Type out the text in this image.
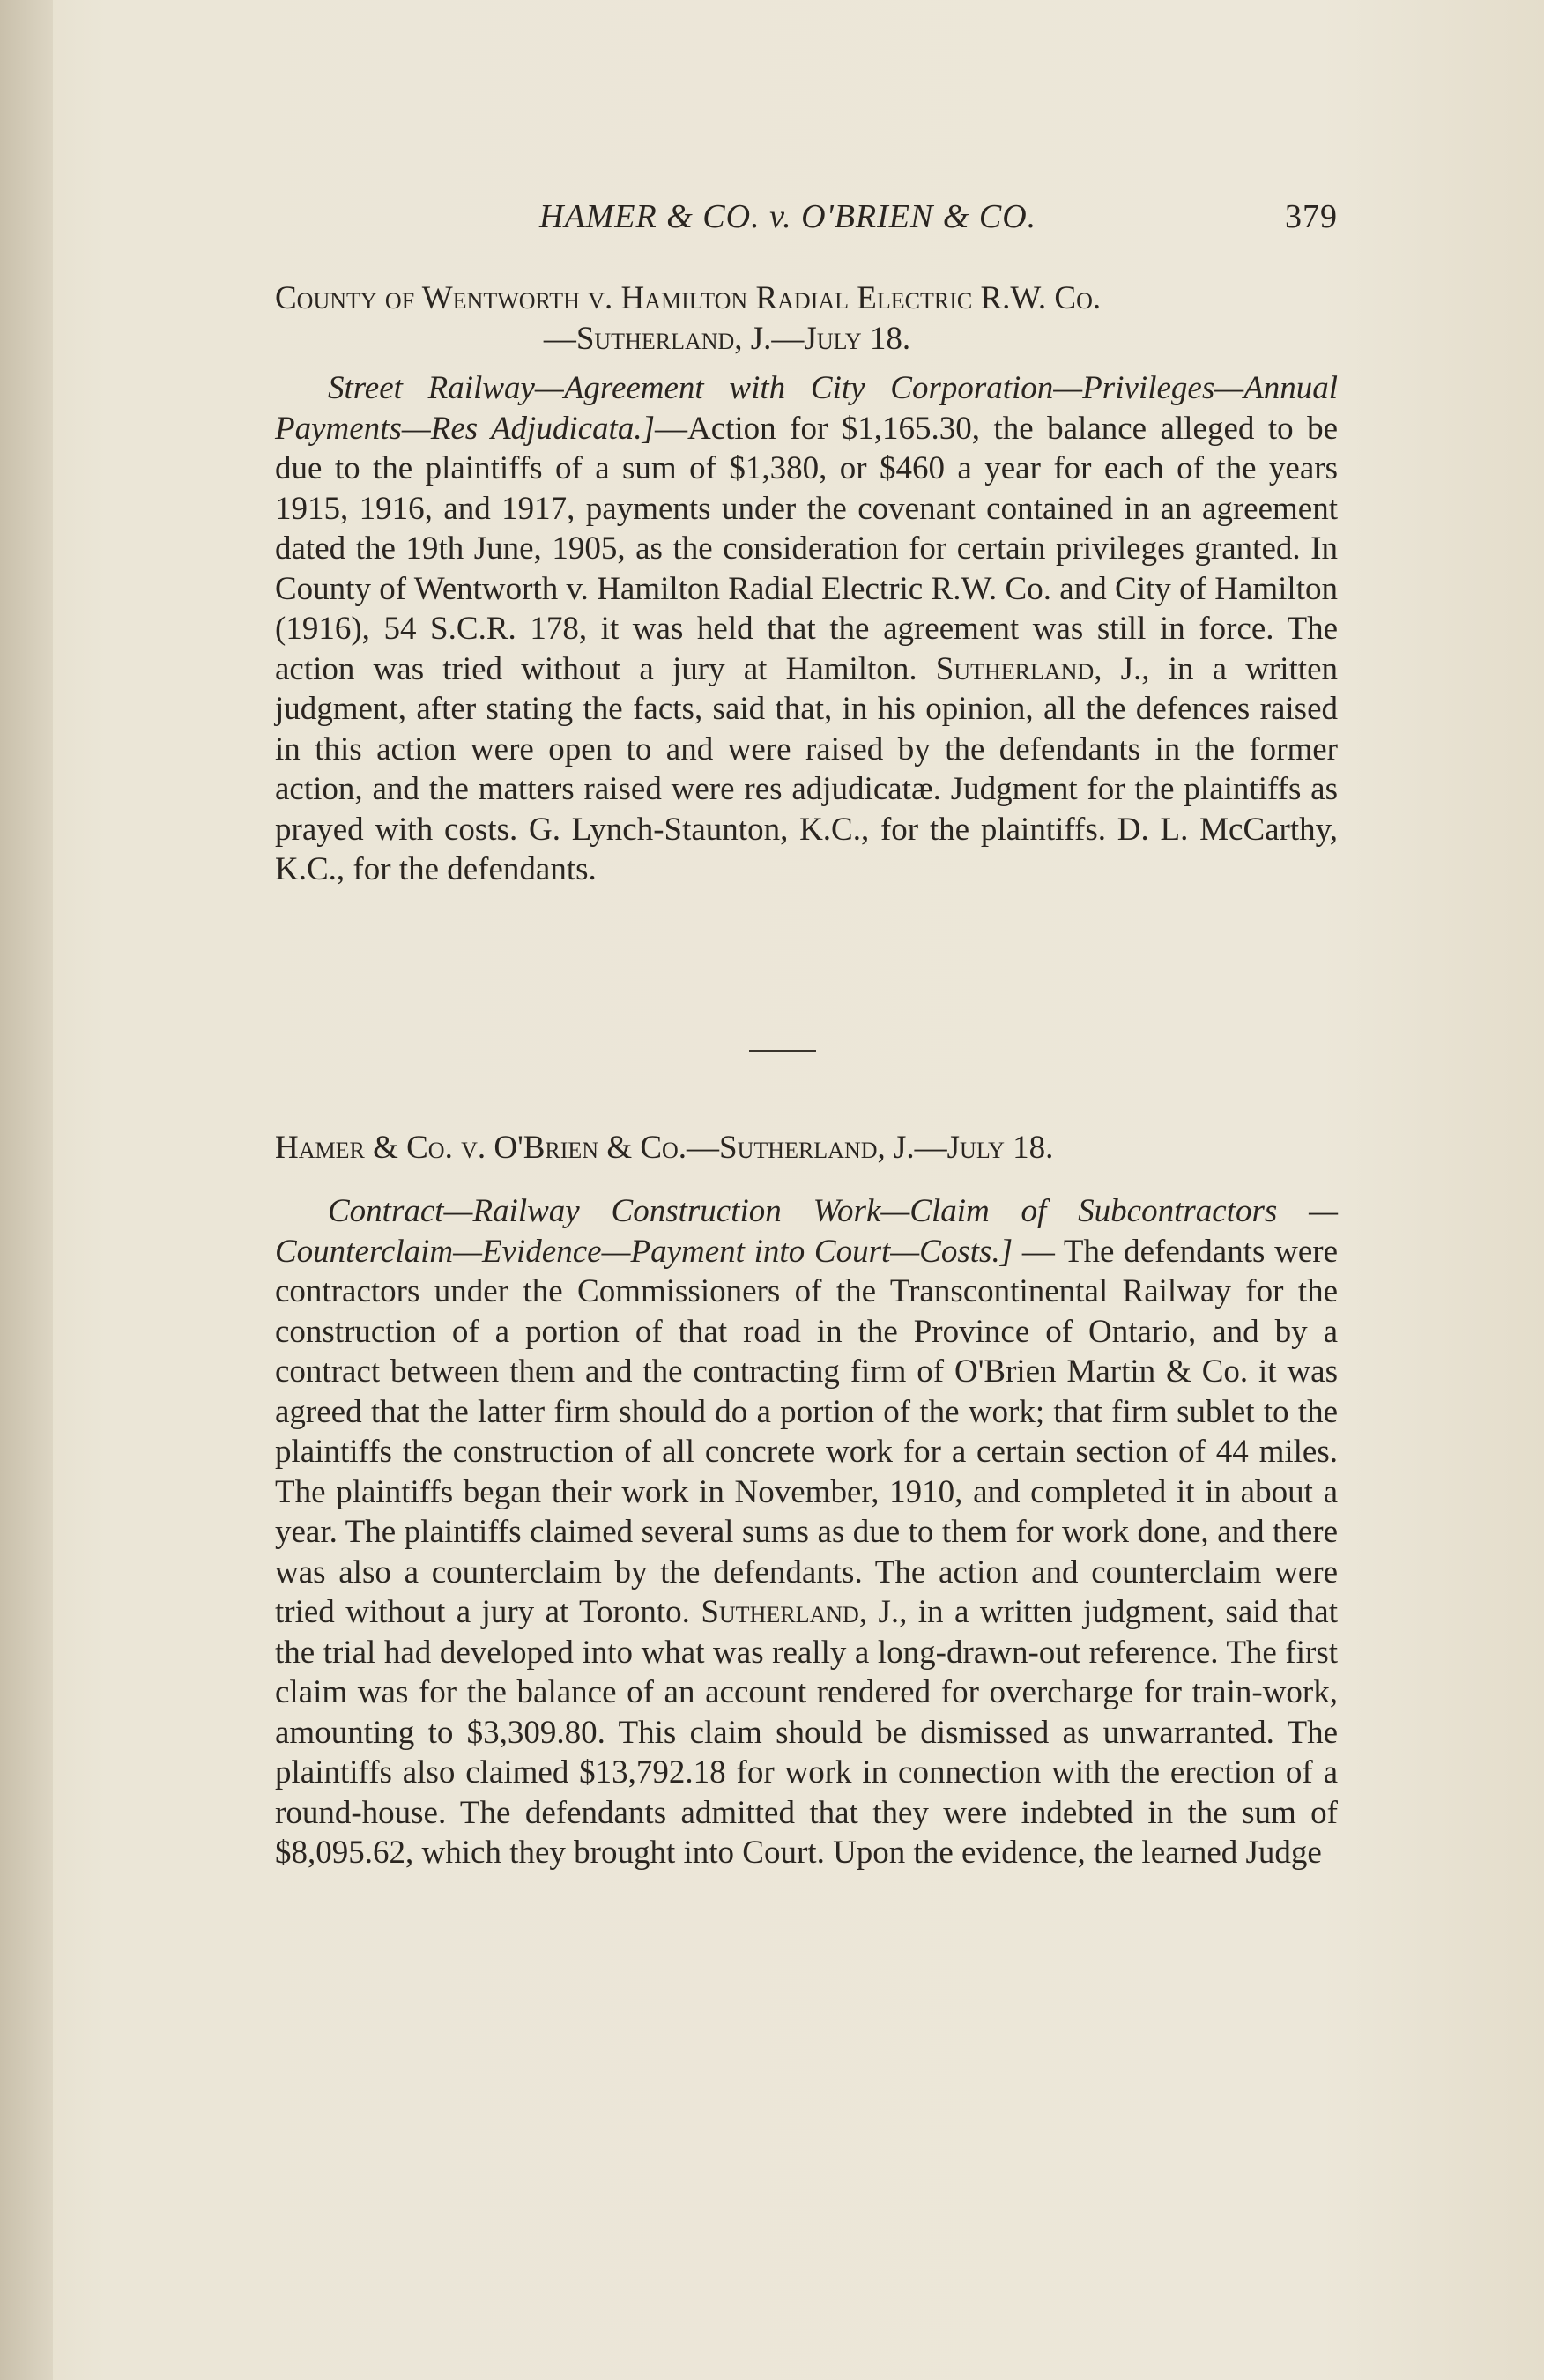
HAMER & CO. v. O'BRIEN & CO.	379
County of Wentworth v. Hamilton Radial Electric R.W. Co.
—Sutherland, J.—July 18.

Street Railway—Agreement with City Corporation—Privileges—Annual Payments—Res Adjudicata.]—Action for $1,165.30, the balance alleged to be due to the plaintiffs of a sum of $1,380, or $460 a year for each of the years 1915, 1916, and 1917, payments under the covenant contained in an agreement dated the 19th June, 1905, as the consideration for certain privileges granted. In County of Wentworth v. Hamilton Radial Electric R.W. Co. and City of Hamilton (1916), 54 S.C.R. 178, it was held that the agreement was still in force. The action was tried without a jury at Hamilton. Sutherland, J., in a written judgment, after stating the facts, said that, in his opinion, all the defences raised in this action were open to and were raised by the defendants in the former action, and the matters raised were res adjudicatæ. Judgment for the plaintiffs as prayed with costs. G. Lynch-Staunton, K.C., for the plaintiffs. D. L. McCarthy, K.C., for the defendants.

Hamer & Co. v. O'Brien & Co.—Sutherland, J.—July 18.

Contract—Railway Construction Work—Claim of Subcontractors — Counterclaim—Evidence—Payment into Court—Costs.] — The defendants were contractors under the Commissioners of the Transcontinental Railway for the construction of a portion of that road in the Province of Ontario, and by a contract between them and the contracting firm of O'Brien Martin & Co. it was agreed that the latter firm should do a portion of the work; that firm sublet to the plaintiffs the construction of all concrete work for a certain section of 44 miles. The plaintiffs began their work in November, 1910, and completed it in about a year. The plaintiffs claimed several sums as due to them for work done, and there was also a counterclaim by the defendants. The action and counterclaim were tried without a jury at Toronto. Sutherland, J., in a written judgment, said that the trial had developed into what was really a long-drawn-out reference. The first claim was for the balance of an account rendered for overcharge for train-work, amounting to $3,309.80. This claim should be dismissed as unwarranted. The plaintiffs also claimed $13,792.18 for work in connection with the erection of a round-house. The defendants admitted that they were indebted in the sum of $8,095.62, which they brought into Court. Upon the evidence, the learned Judge
